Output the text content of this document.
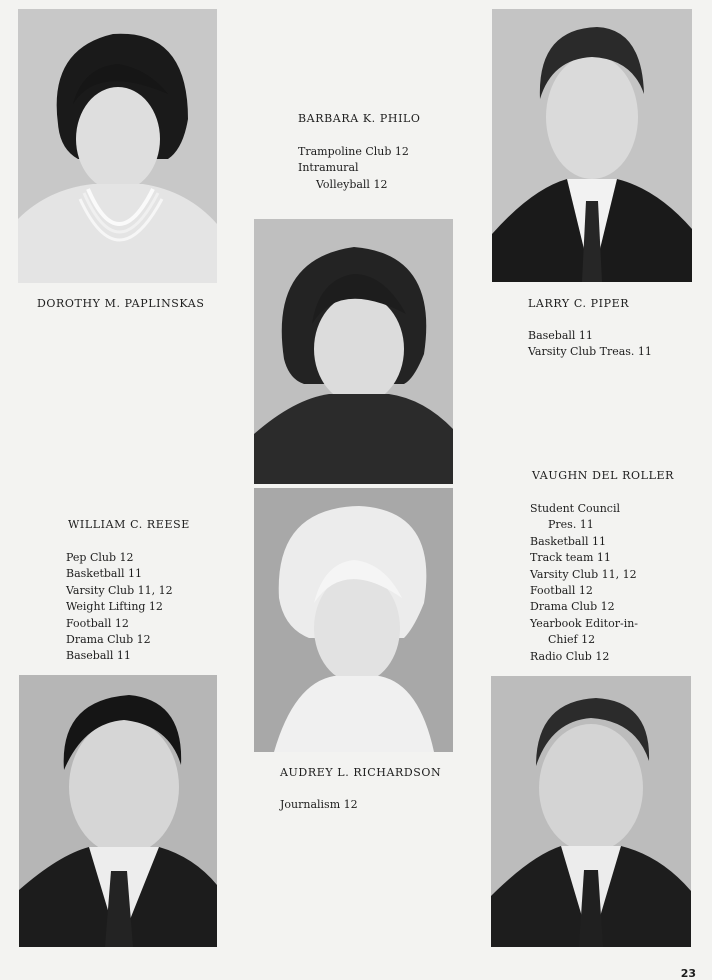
DOROTHY M. PAPLINSKAS
BARBARA K. PHILO
Trampoline Club 12
Intramural
Volleyball 12
LARRY C. PIPER
Baseball 11
Varsity Club Treas. 11
AUDREY L. RICHARDSON
Journalism 12
WILLIAM C. REESE
Pep Club 12
Basketball 11
Varsity Club 11, 12
Weight Lifting 12
Football 12
Drama Club 12
Baseball 11
VAUGHN DEL ROLLER
Student Council
Pres. 11
Basketball 11
Track team 11
Varsity Club 11, 12
Football 12
Drama Club 12
Yearbook Editor-in-
Chief 12
Radio Club 12
23
